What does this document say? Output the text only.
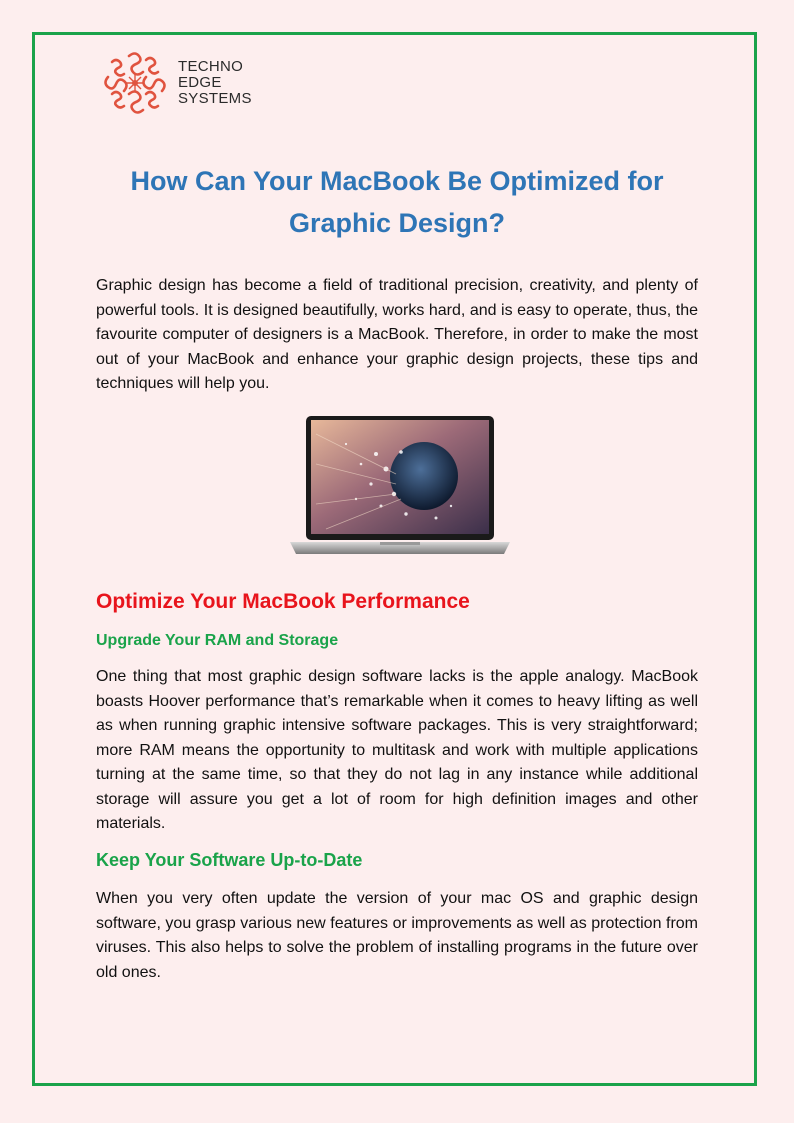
TECHNO
EDGE
SYSTEMS
How Can Your MacBook Be Optimized for Graphic Design?

Graphic design has become a field of traditional precision, creativity, and plenty of powerful tools. It is designed beautifully, works hard, and is easy to operate, thus, the favourite computer of designers is a MacBook. Therefore, in order to make the most out of your MacBook and enhance your graphic design projects, these tips and techniques will help you.

Optimize Your MacBook Performance
Upgrade Your RAM and Storage

One thing that most graphic design software lacks is the apple analogy. MacBook boasts Hoover performance that’s remarkable when it comes to heavy lifting as well as when running graphic intensive software packages. This is very straightforward; more RAM means the opportunity to multitask and work with multiple applications turning at the same time, so that they do not lag in any instance while additional storage will assure you get a lot of room for high definition images and other materials.

Keep Your Software Up-to-Date

When you very often update the version of your mac OS and graphic design software, you grasp various new features or improvements as well as protection from viruses. This also helps to solve the problem of installing programs in the future over old ones.
